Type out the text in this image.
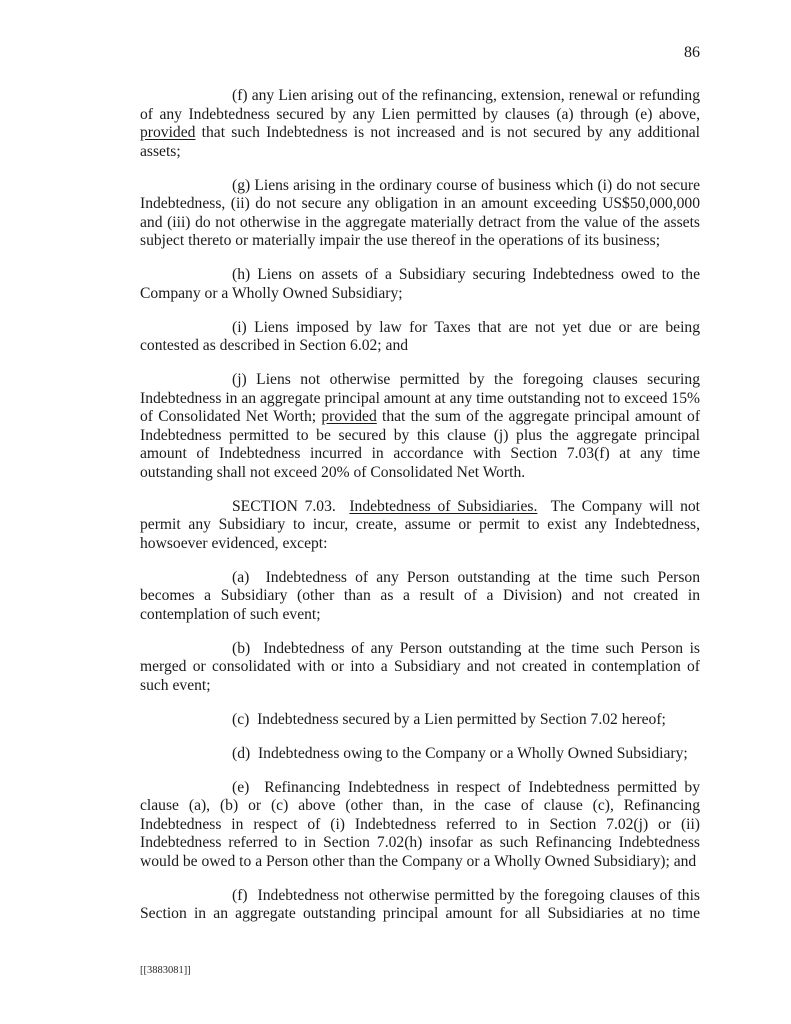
86

(f) any Lien arising out of the refinancing, extension, renewal or refunding of any Indebtedness secured by any Lien permitted by clauses (a) through (e) above, provided that such Indebtedness is not increased and is not secured by any additional assets;

(g) Liens arising in the ordinary course of business which (i) do not secure Indebtedness, (ii) do not secure any obligation in an amount exceeding US$50,000,000 and (iii) do not otherwise in the aggregate materially detract from the value of the assets subject thereto or materially impair the use thereof in the operations of its business;

(h) Liens on assets of a Subsidiary securing Indebtedness owed to the Company or a Wholly Owned Subsidiary;

(i) Liens imposed by law for Taxes that are not yet due or are being contested as described in Section 6.02; and

(j) Liens not otherwise permitted by the foregoing clauses securing Indebtedness in an aggregate principal amount at any time outstanding not to exceed 15% of Consolidated Net Worth; provided that the sum of the aggregate principal amount of Indebtedness permitted to be secured by this clause (j) plus the aggregate principal amount of Indebtedness incurred in accordance with Section 7.03(f) at any time outstanding shall not exceed 20% of Consolidated Net Worth.

SECTION 7.03.  Indebtedness of Subsidiaries.  The Company will not permit any Subsidiary to incur, create, assume or permit to exist any Indebtedness, howsoever evidenced, except:

(a)  Indebtedness of any Person outstanding at the time such Person becomes a Subsidiary (other than as a result of a Division) and not created in contemplation of such event;

(b)  Indebtedness of any Person outstanding at the time such Person is merged or consolidated with or into a Subsidiary and not created in contemplation of such event;

(c)  Indebtedness secured by a Lien permitted by Section 7.02 hereof;

(d)  Indebtedness owing to the Company or a Wholly Owned Subsidiary;

(e)  Refinancing Indebtedness in respect of Indebtedness permitted by clause (a), (b) or (c) above (other than, in the case of clause (c), Refinancing Indebtedness in respect of (i) Indebtedness referred to in Section 7.02(j) or (ii) Indebtedness referred to in Section 7.02(h) insofar as such Refinancing Indebtedness would be owed to a Person other than the Company or a Wholly Owned Subsidiary); and

(f)  Indebtedness not otherwise permitted by the foregoing clauses of this Section in an aggregate outstanding principal amount for all Subsidiaries at no time

[[3883081]]
